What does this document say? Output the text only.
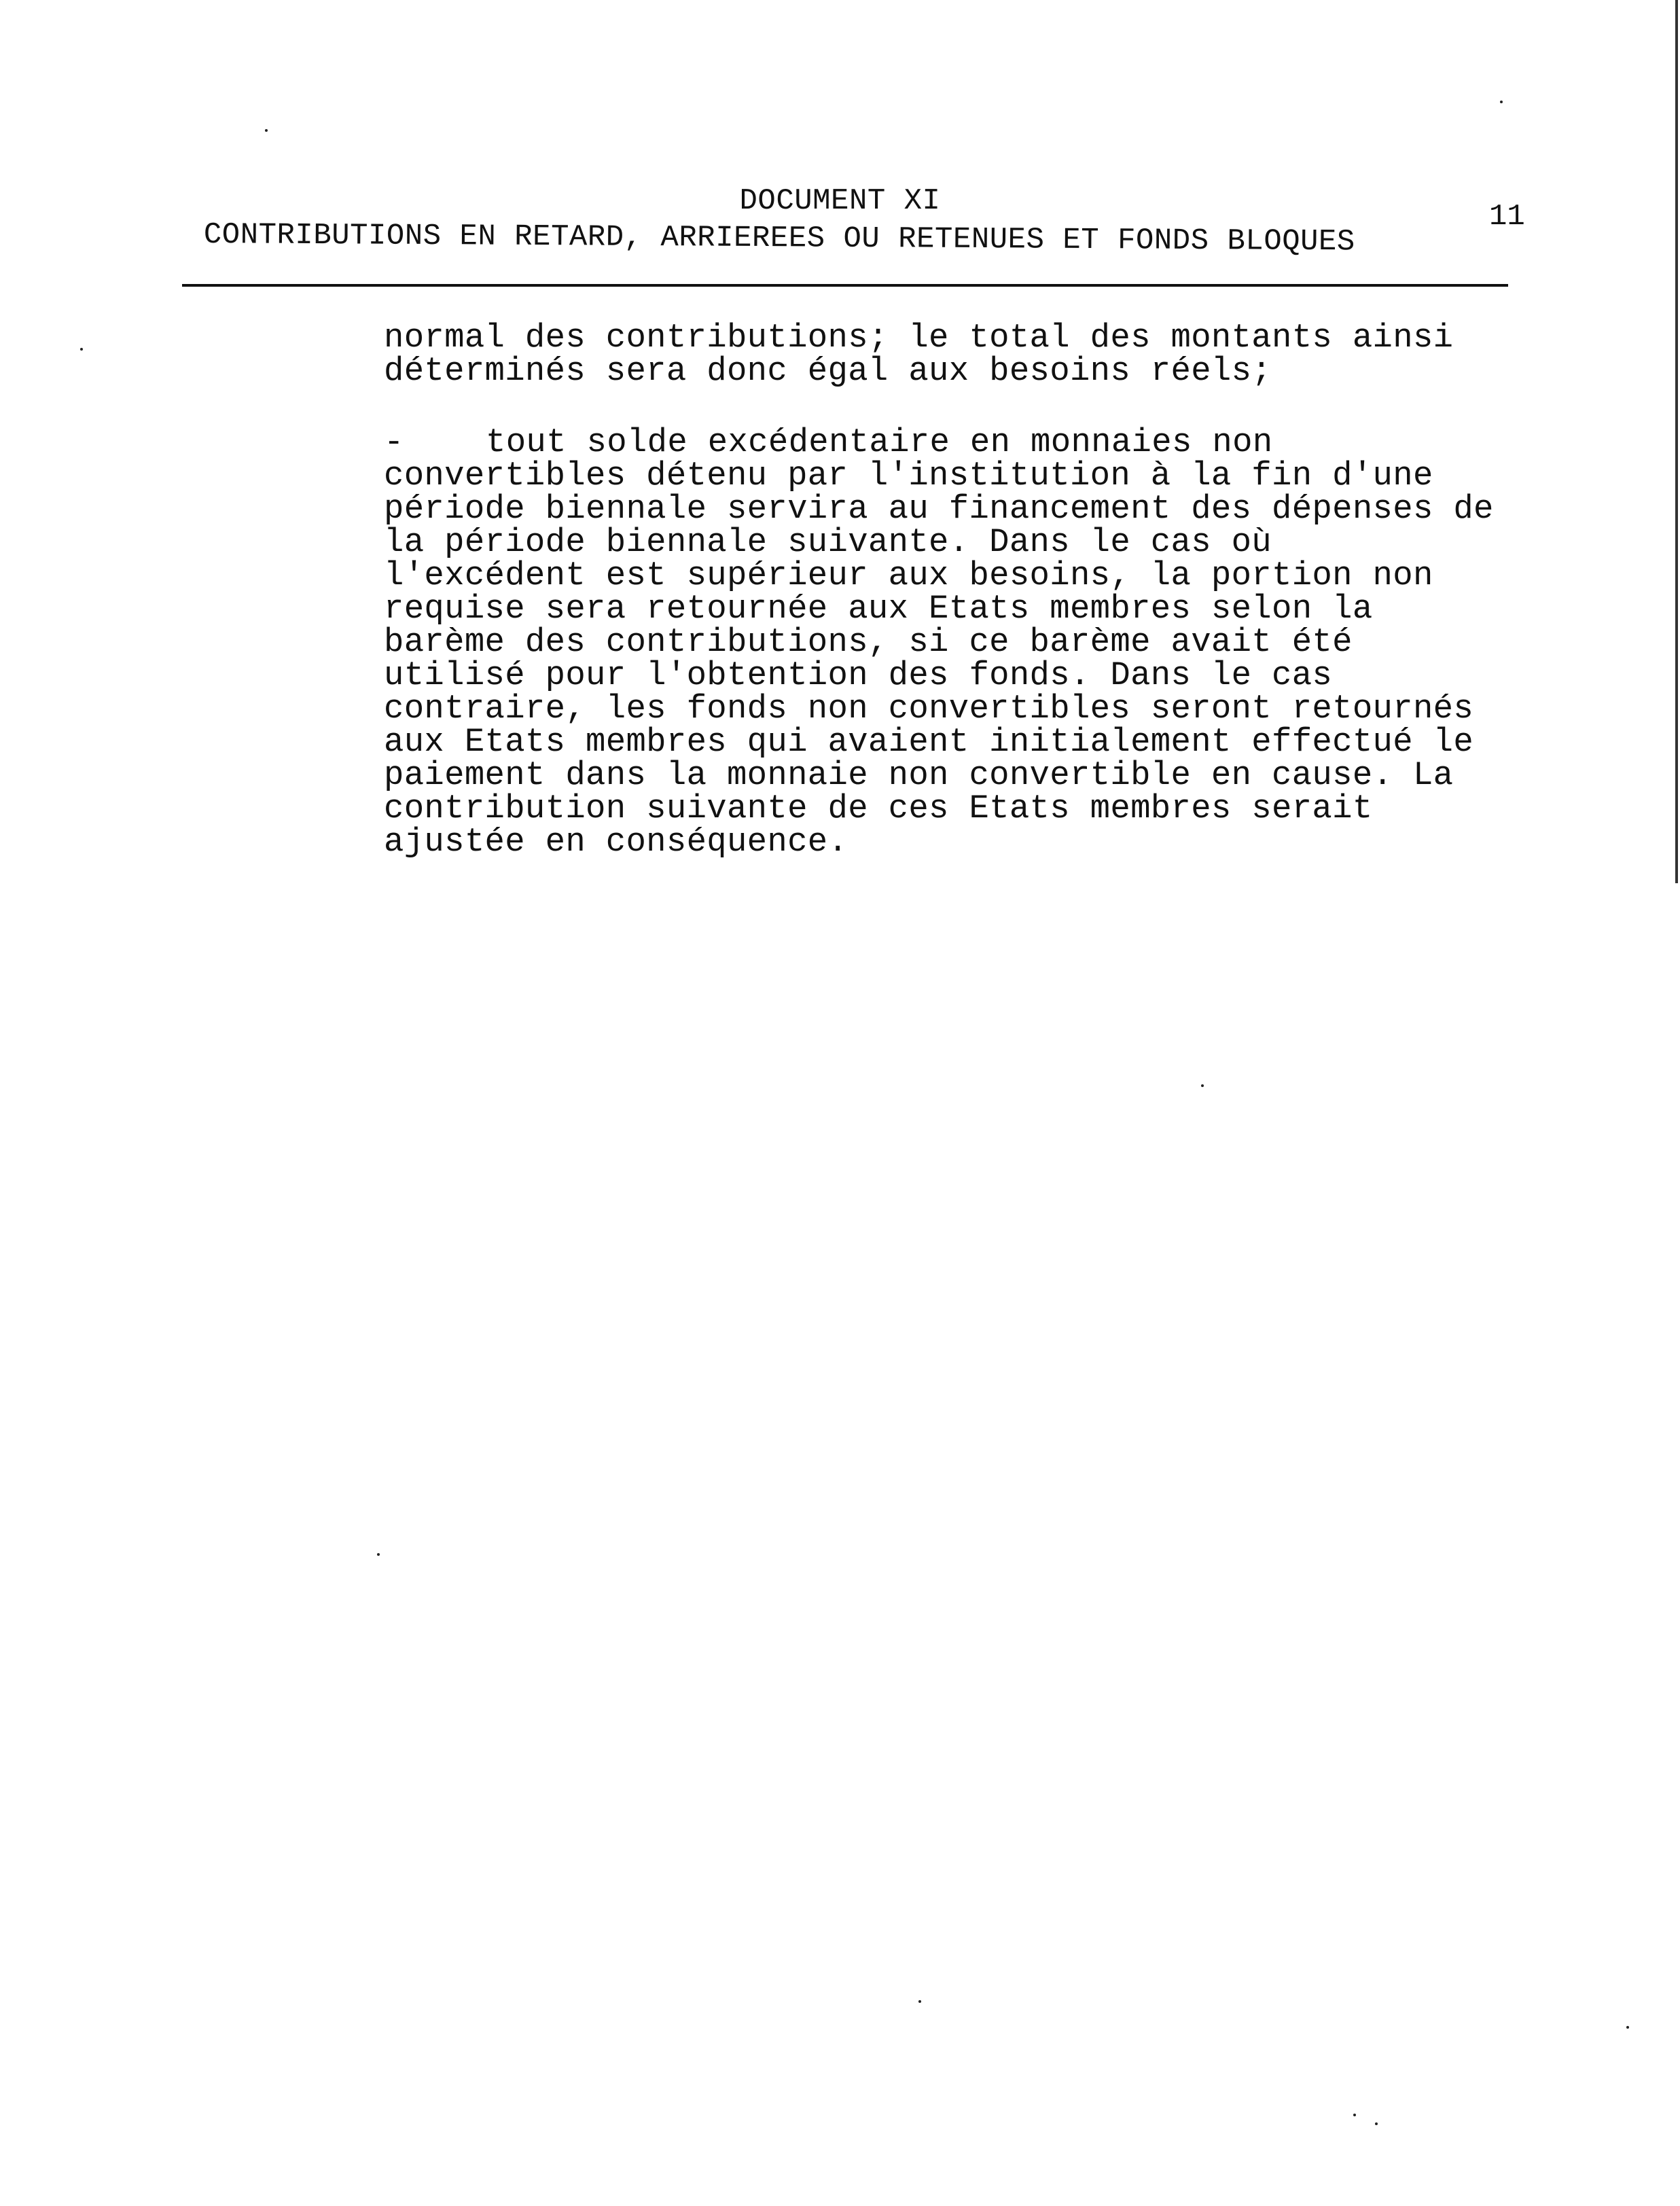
DOCUMENT XI	11
CONTRIBUTIONS EN RETARD, ARRIEREES OU RETENUES ET FONDS BLOQUES

normal des contributions; le total des montants ainsi

déterminés sera donc égal aux besoins réels;

- tout solde excédentaire en monnaies non

convertibles détenu par l'institution à la fin d'une

période biennale servira au financement des dépenses de

la période biennale suivante. Dans le cas où

l'excédent est supérieur aux besoins, la portion non

requise sera retournée aux Etats membres selon la

barème des contributions, si ce barème avait été

utilisé pour l'obtention des fonds. Dans le cas

contraire, les fonds non convertibles seront retournés

aux Etats membres qui avaient initialement effectué le

paiement dans la monnaie non convertible en cause. La

contribution suivante de ces Etats membres serait

ajustée en conséquence.
